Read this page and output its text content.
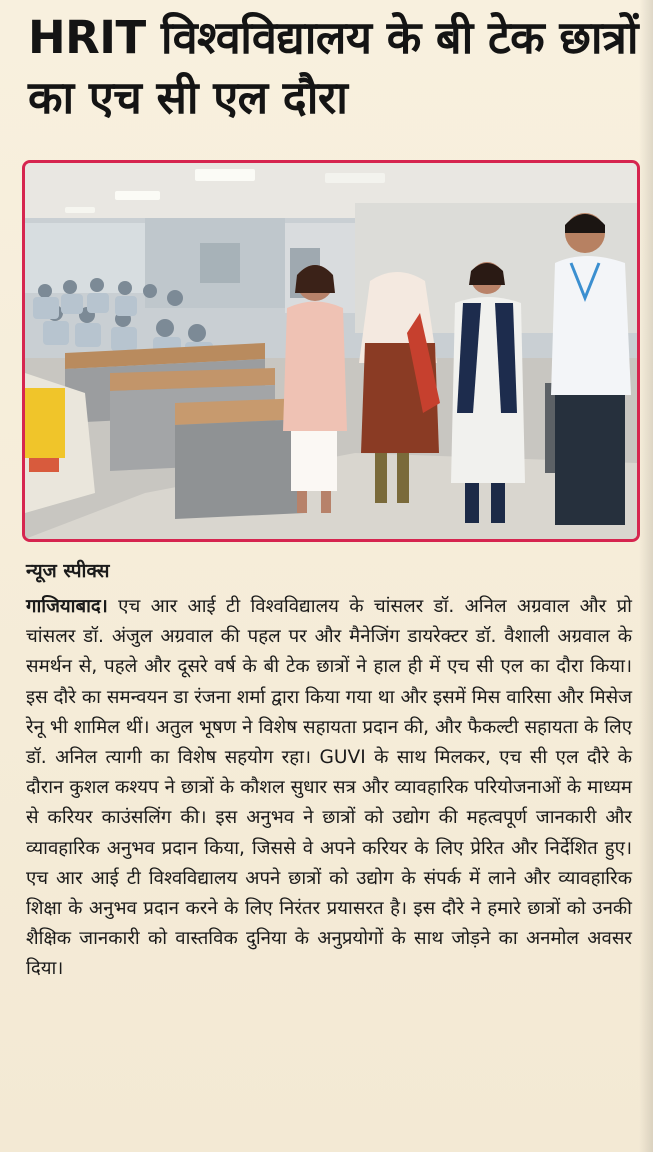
HRIT विश्वविद्यालय के बी टेक छात्रों का एच सी एल दौरा

न्यूज स्पीक्स

गाजियाबाद। एच आर आई टी विश्वविद्यालय के चांसलर डॉ. अनिल अग्रवाल और प्रो चांसलर डॉ. अंजुल अग्रवाल की पहल पर और मैनेजिंग डायरेक्टर डॉ. वैशाली अग्रवाल के समर्थन से, पहले और दूसरे वर्ष के बी टेक छात्रों ने हाल ही में एच सी एल का दौरा किया। इस दौरे का समन्वयन डा रंजना शर्मा द्वारा किया गया था और इसमें मिस वारिसा और मिसेज रेनू भी शामिल थीं। अतुल भूषण ने विशेष सहायता प्रदान की, और फैकल्टी सहायता के लिए डॉ. अनिल त्यागी का विशेष सहयोग रहा। GUVI के साथ मिलकर, एच सी एल दौरे के दौरान कुशल कश्यप ने छात्रों के कौशल सुधार सत्र और व्यावहारिक परियोजनाओं के माध्यम से करियर काउंसलिंग की। इस अनुभव ने छात्रों को उद्योग की महत्वपूर्ण जानकारी और व्यावहारिक अनुभव प्रदान किया, जिससे वे अपने करियर के लिए प्रेरित और निर्देशित हुए। एच आर आई टी विश्वविद्यालय अपने छात्रों को उद्योग के संपर्क में लाने और व्यावहारिक शिक्षा के अनुभव प्रदान करने के लिए निरंतर प्रयासरत है। इस दौरे ने हमारे छात्रों को उनकी शैक्षिक जानकारी को वास्तविक दुनिया के अनुप्रयोगों के साथ जोड़ने का अनमोल अवसर दिया।
